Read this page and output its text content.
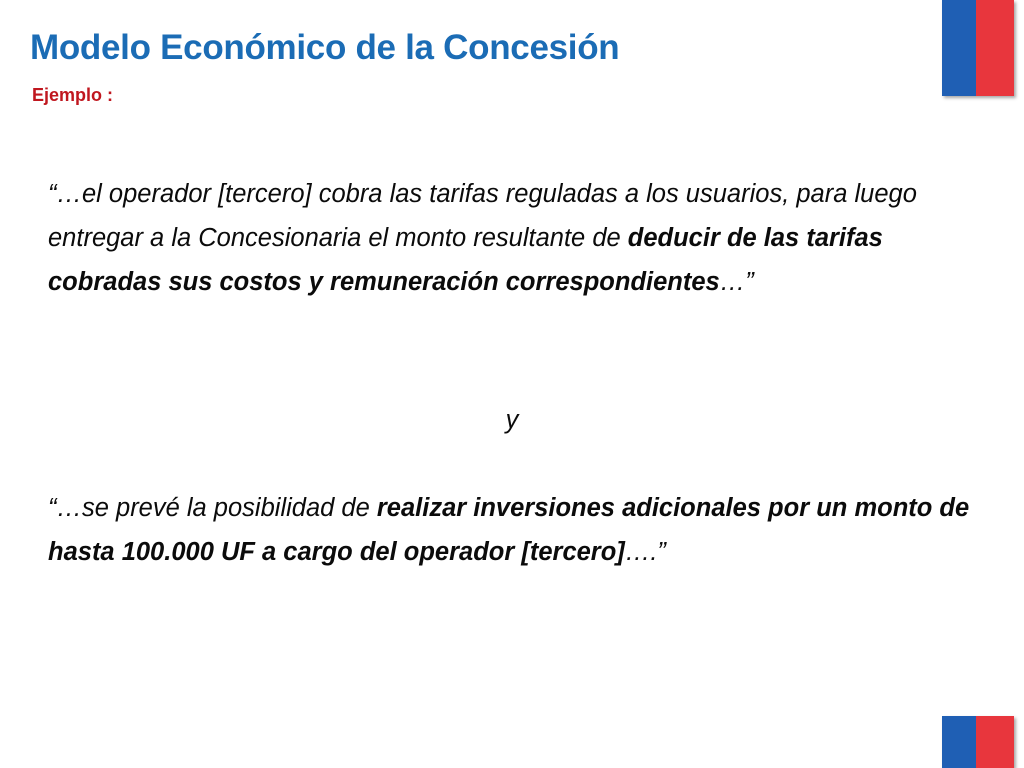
Modelo Económico de la Concesión

Ejemplo :

“…el operador [tercero] cobra las tarifas reguladas a los usuarios, para luego entregar a la Concesionaria el monto resultante de deducir de las tarifas cobradas sus costos y remuneración correspondientes…”

y

“…se prevé la posibilidad de realizar inversiones adicionales por un monto de hasta 100.000 UF a cargo del operador [tercero]….”
